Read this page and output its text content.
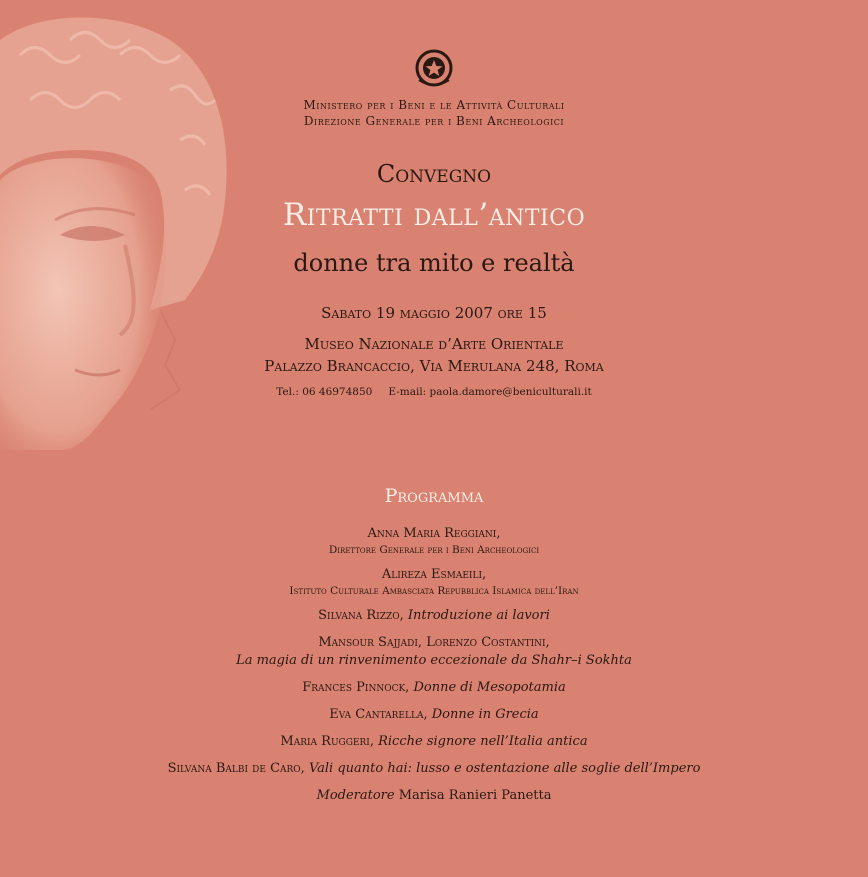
Ministero per i Beni e le Attività Culturali
Direzione Generale per i Beni Archeologici
Convegno
Ritratti dall’antico
donne tra mito e realtà
Sabato 19 maggio 2007 ore 15
Museo Nazionale d’Arte Orientale
Palazzo Brancaccio, Via Merulana 248, Roma
Tel.: 06 46974850 E-mail: paola.damore@beniculturali.it
Programma
Anna Maria Reggiani,
Direttore Generale per i Beni Archeologici
Alireza Esmaeili,
Istituto Culturale Ambasciata Repubblica Islamica dell’Iran
Silvana Rizzo, Introduzione ai lavori
Mansour Sajjadi, Lorenzo Costantini,
La magia di un rinvenimento eccezionale da Shahr–i Sokhta
Frances Pinnock, Donne di Mesopotamia
Eva Cantarella, Donne in Grecia
Maria Ruggeri, Ricche signore nell’Italia antica
Silvana Balbi de Caro, Vali quanto hai: lusso e ostentazione alle soglie dell’Impero
Moderatore Marisa Ranieri Panetta
